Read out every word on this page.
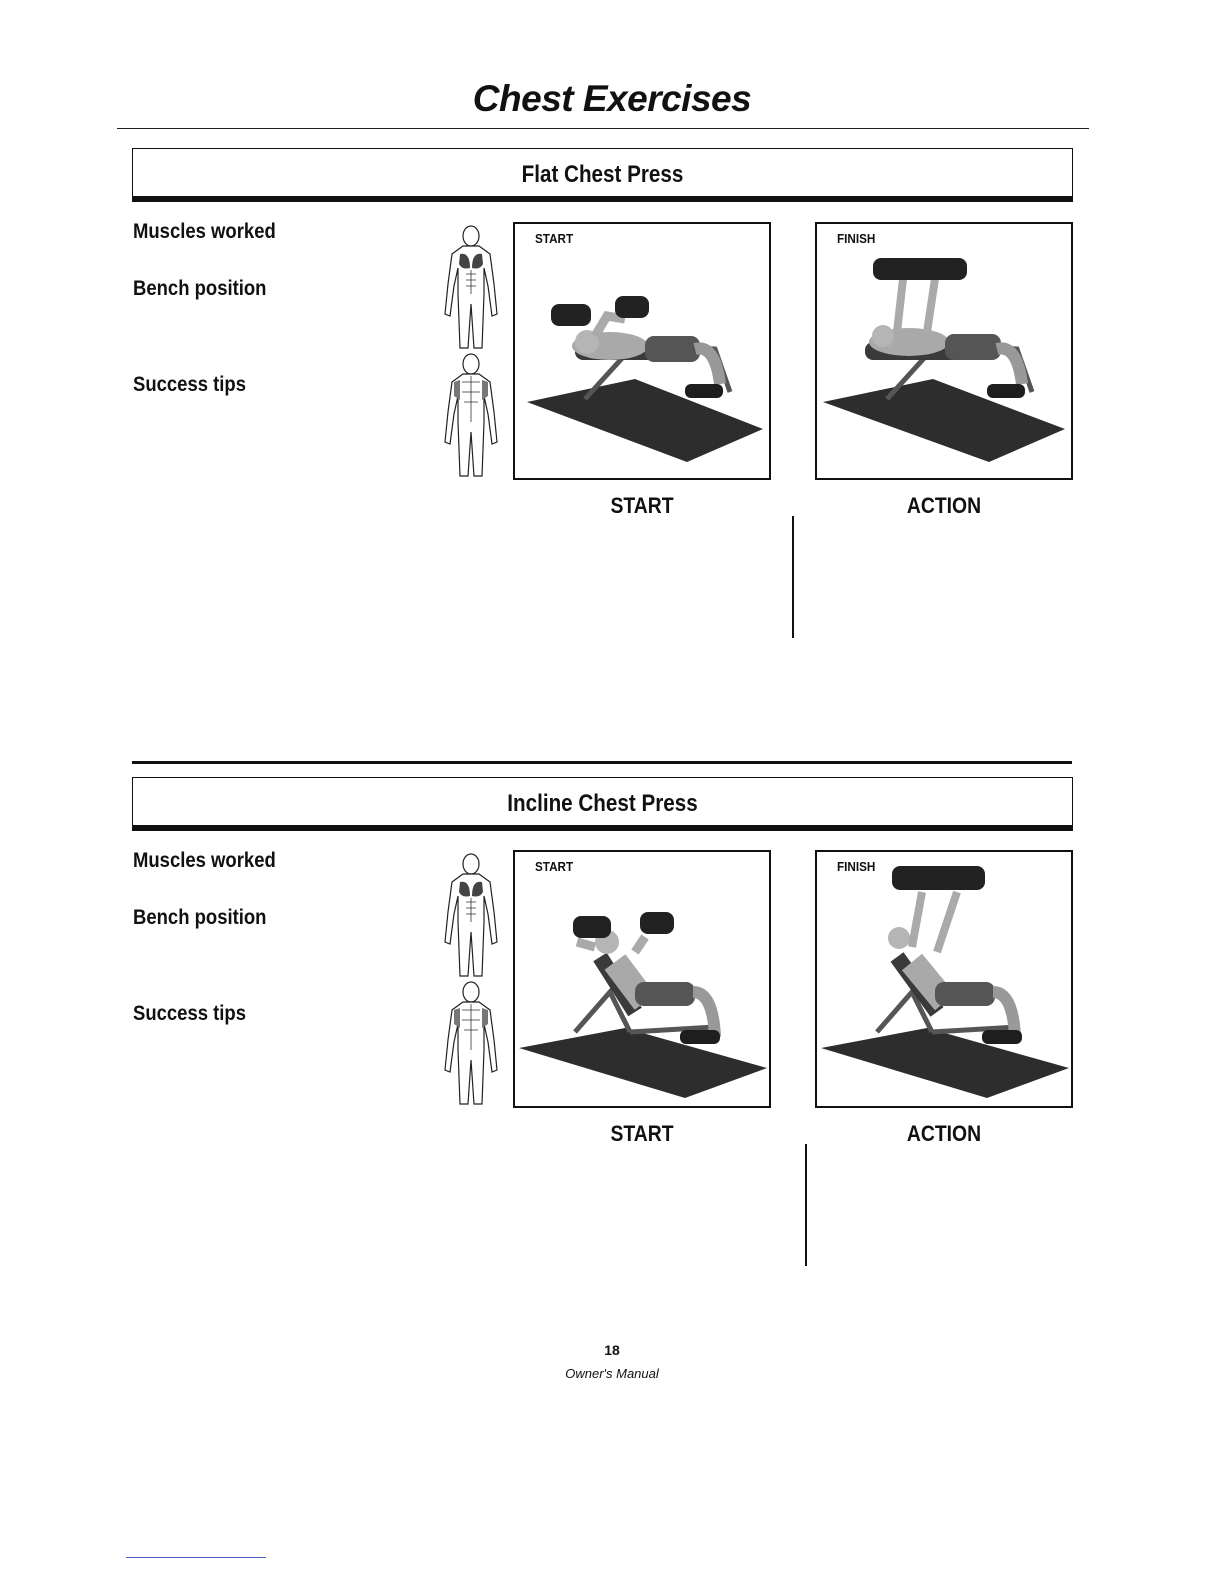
Chest Exercises
Flat Chest Press
Muscles worked
Bench position
Success tips
START	FINISH
START	ACTION
Incline Chest Press
Muscles worked
Bench position
Success tips
START	FINISH
START	ACTION
18
Owner's Manual
